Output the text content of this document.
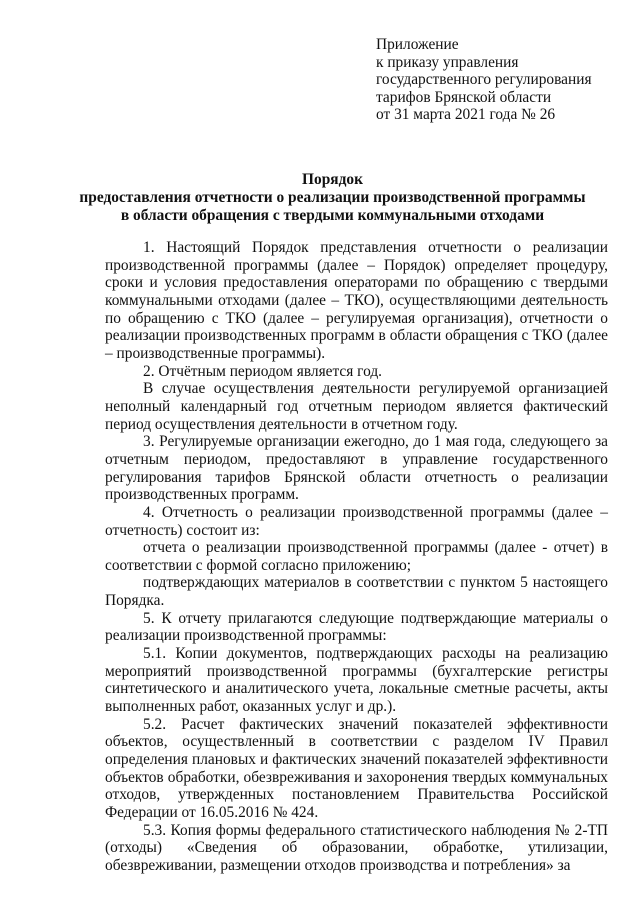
Приложение
к приказу управления
государственного регулирования
тарифов Брянской области
от 31 марта 2021 года № 26
Порядок
предоставления отчетности о реализации производственной программы
в области обращения с твердыми коммунальными отходами

1. Настоящий Порядок представления отчетности о реализации производственной программы (далее – Порядок) определяет процедуру, сроки и условия предоставления операторами по обращению с твердыми коммунальными отходами (далее – ТКО), осуществляющими деятельность по обращению с ТКО (далее – регулируемая организация), отчетности о реализации производственных программ в области обращения с ТКО (далее – производственные программы).

2. Отчётным периодом является год.

В случае осуществления деятельности регулируемой организацией неполный календарный год отчетным периодом является фактический период осуществления деятельности в отчетном году.

3. Регулируемые организации ежегодно, до 1 мая года, следующего за отчетным периодом, предоставляют в управление государственного регулирования тарифов Брянской области отчетность о реализации производственных программ.

4. Отчетность о реализации производственной программы (далее – отчетность) состоит из:

отчета о реализации производственной программы (далее - отчет) в соответствии с формой согласно приложению;

подтверждающих материалов в соответствии с пунктом 5 настоящего Порядка.

5. К отчету прилагаются следующие подтверждающие материалы о реализации производственной программы:

5.1. Копии документов, подтверждающих расходы на реализацию мероприятий производственной программы (бухгалтерские регистры синтетического и аналитического учета, локальные сметные расчеты, акты выполненных работ, оказанных услуг и др.).

5.2. Расчет фактических значений показателей эффективности объектов, осуществленный в соответствии с разделом IV Правил определения плановых и фактических значений показателей эффективности объектов обработки, обезвреживания и захоронения твердых коммунальных отходов, утвержденных постановлением Правительства Российской Федерации от 16.05.2016 № 424.

5.3. Копия формы федерального статистического наблюдения № 2-ТП (отходы) «Сведения об образовании, обработке, утилизации, обезвреживании, размещении отходов производства и потребления» за
